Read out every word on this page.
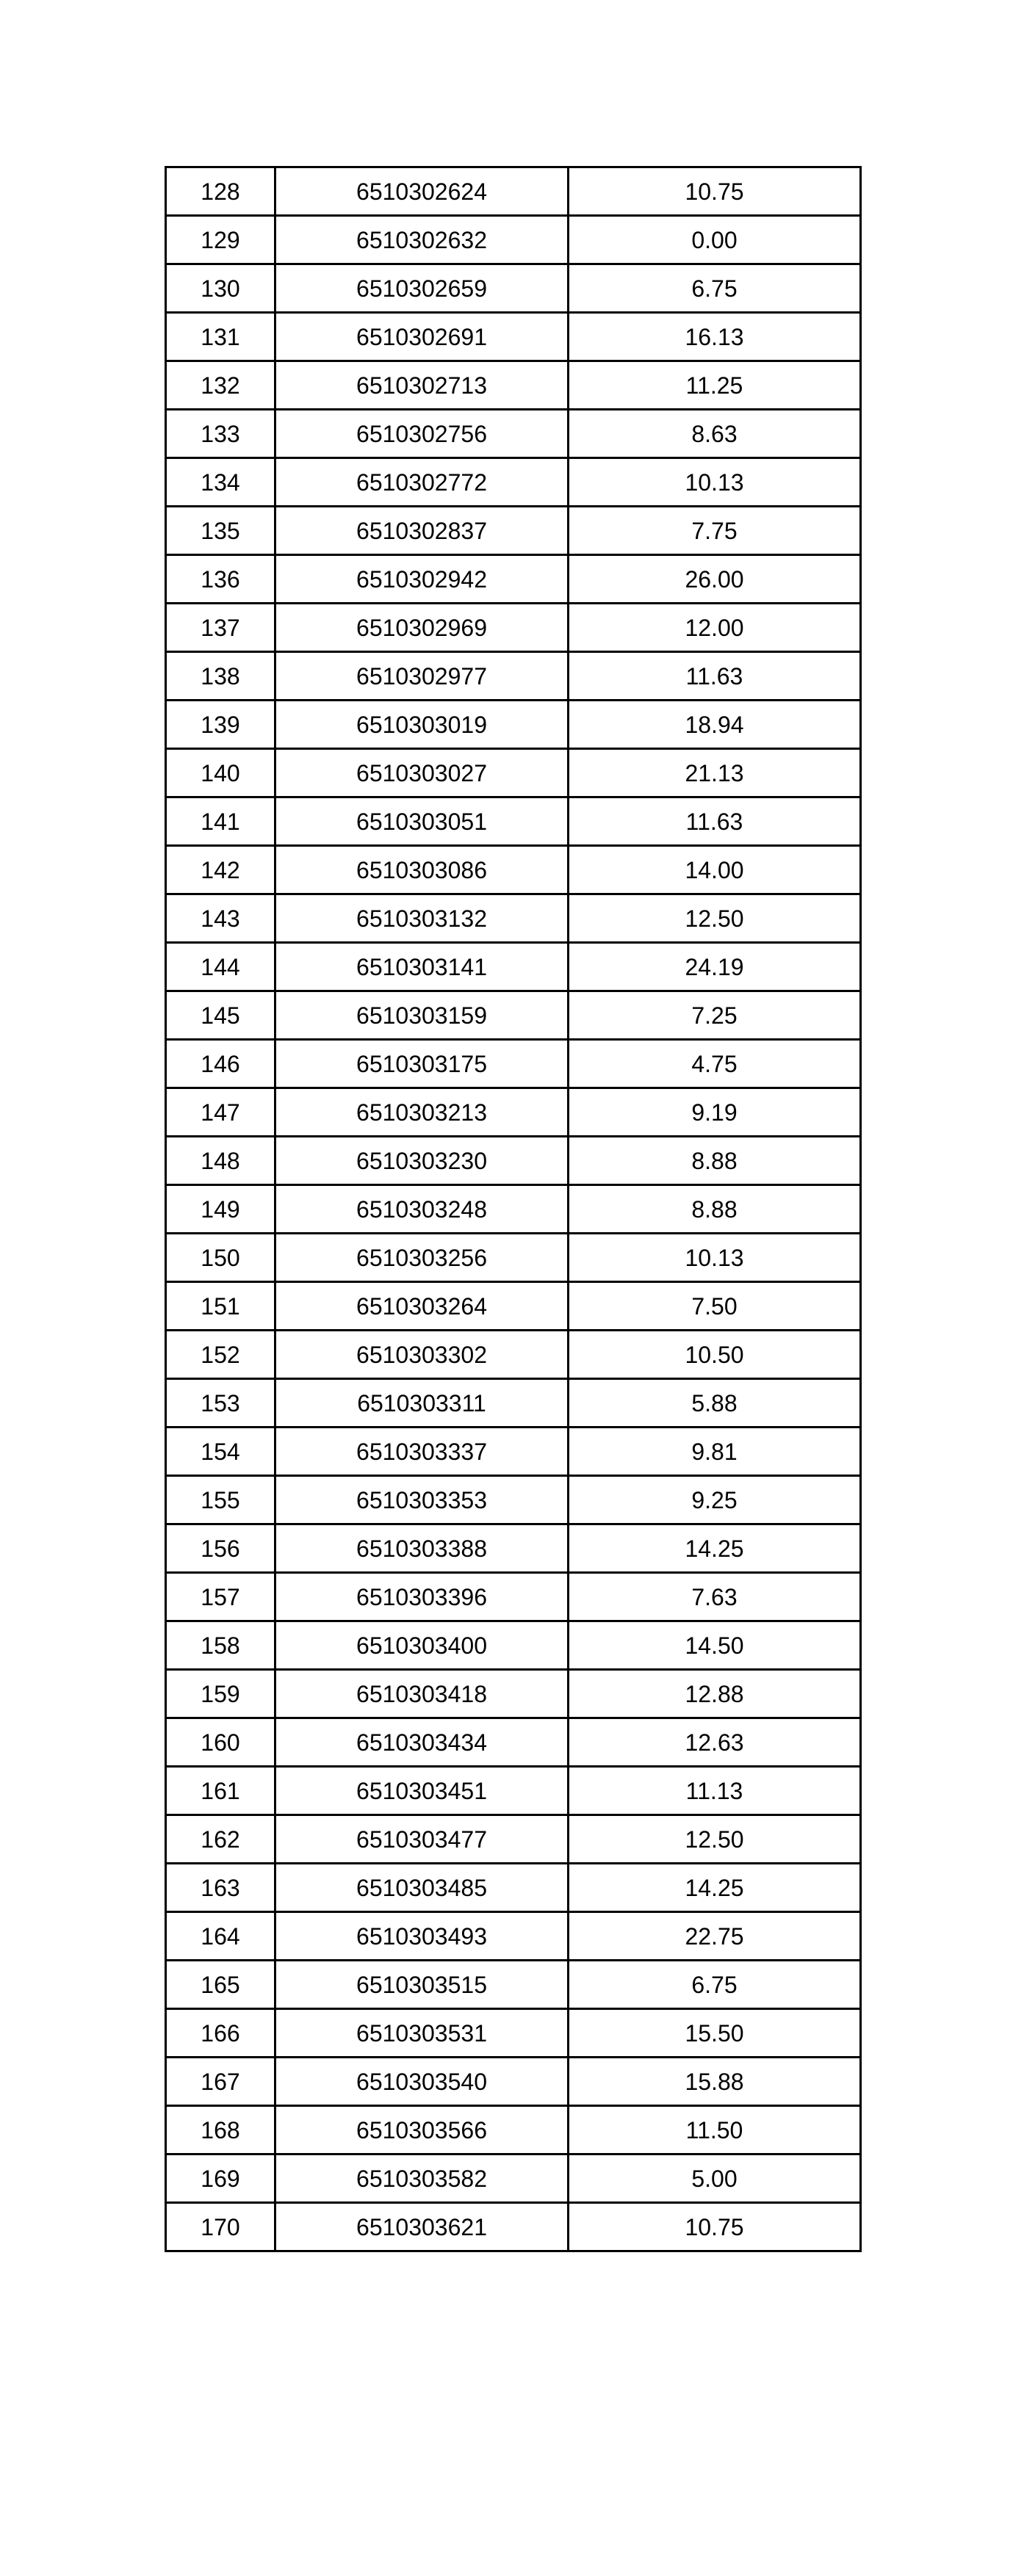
128	6510302624	10.75
129	6510302632	0.00
130	6510302659	6.75
131	6510302691	16.13
132	6510302713	11.25
133	6510302756	8.63
134	6510302772	10.13
135	6510302837	7.75
136	6510302942	26.00
137	6510302969	12.00
138	6510302977	11.63
139	6510303019	18.94
140	6510303027	21.13
141	6510303051	11.63
142	6510303086	14.00
143	6510303132	12.50
144	6510303141	24.19
145	6510303159	7.25
146	6510303175	4.75
147	6510303213	9.19
148	6510303230	8.88
149	6510303248	8.88
150	6510303256	10.13
151	6510303264	7.50
152	6510303302	10.50
153	6510303311	5.88
154	6510303337	9.81
155	6510303353	9.25
156	6510303388	14.25
157	6510303396	7.63
158	6510303400	14.50
159	6510303418	12.88
160	6510303434	12.63
161	6510303451	11.13
162	6510303477	12.50
163	6510303485	14.25
164	6510303493	22.75
165	6510303515	6.75
166	6510303531	15.50
167	6510303540	15.88
168	6510303566	11.50
169	6510303582	5.00
170	6510303621	10.75
